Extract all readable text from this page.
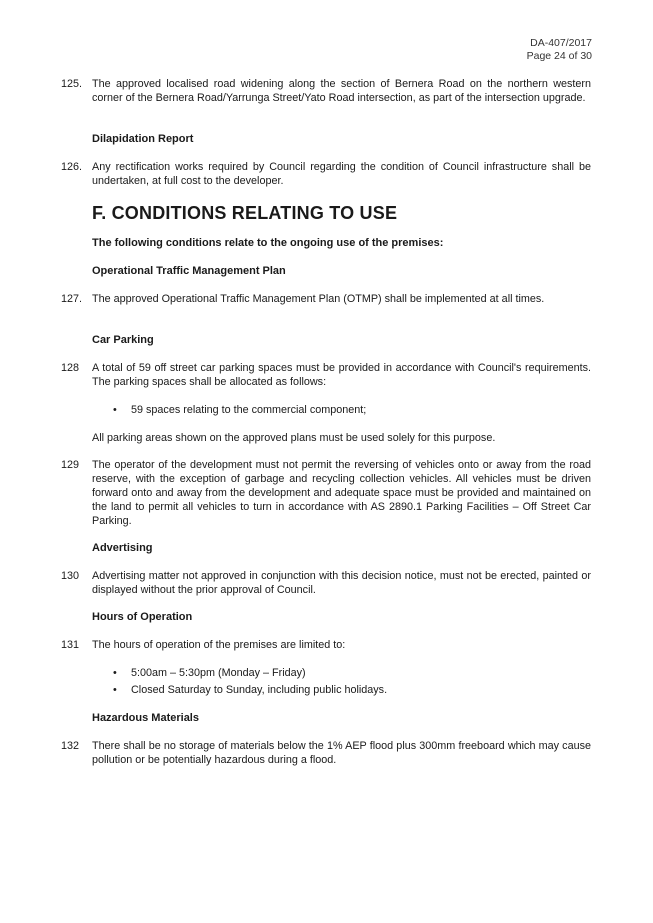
DA-407/2017
Page 24 of 30
125. The approved localised road widening along the section of Bernera Road on the northern western corner of the Bernera Road/Yarrunga Street/Yato Road intersection, as part of the intersection upgrade.
Dilapidation Report
126. Any rectification works required by Council regarding the condition of Council infrastructure shall be undertaken, at full cost to the developer.
F. CONDITIONS RELATING TO USE
The following conditions relate to the ongoing use of the premises:
Operational Traffic Management Plan
127. The approved Operational Traffic Management Plan (OTMP) shall be implemented at all times.
Car Parking
128	A total of 59 off street car parking spaces must be provided in accordance with Council's requirements. The parking spaces shall be allocated as follows:
• 59 spaces relating to the commercial component;
All parking areas shown on the approved plans must be used solely for this purpose.
129	The operator of the development must not permit the reversing of vehicles onto or away from the road reserve, with the exception of garbage and recycling collection vehicles. All vehicles must be driven forward onto and away from the development and adequate space must be provided and maintained on the land to permit all vehicles to turn in accordance with AS 2890.1 Parking Facilities – Off Street Car Parking.
Advertising
130	Advertising matter not approved in conjunction with this decision notice, must not be erected, painted or displayed without the prior approval of Council.
Hours of Operation
131	The hours of operation of the premises are limited to:
• 5:00am – 5:30pm (Monday – Friday)
• Closed Saturday to Sunday, including public holidays.
Hazardous Materials
132	There shall be no storage of materials below the 1% AEP flood plus 300mm freeboard which may cause pollution or be potentially hazardous during a flood.
